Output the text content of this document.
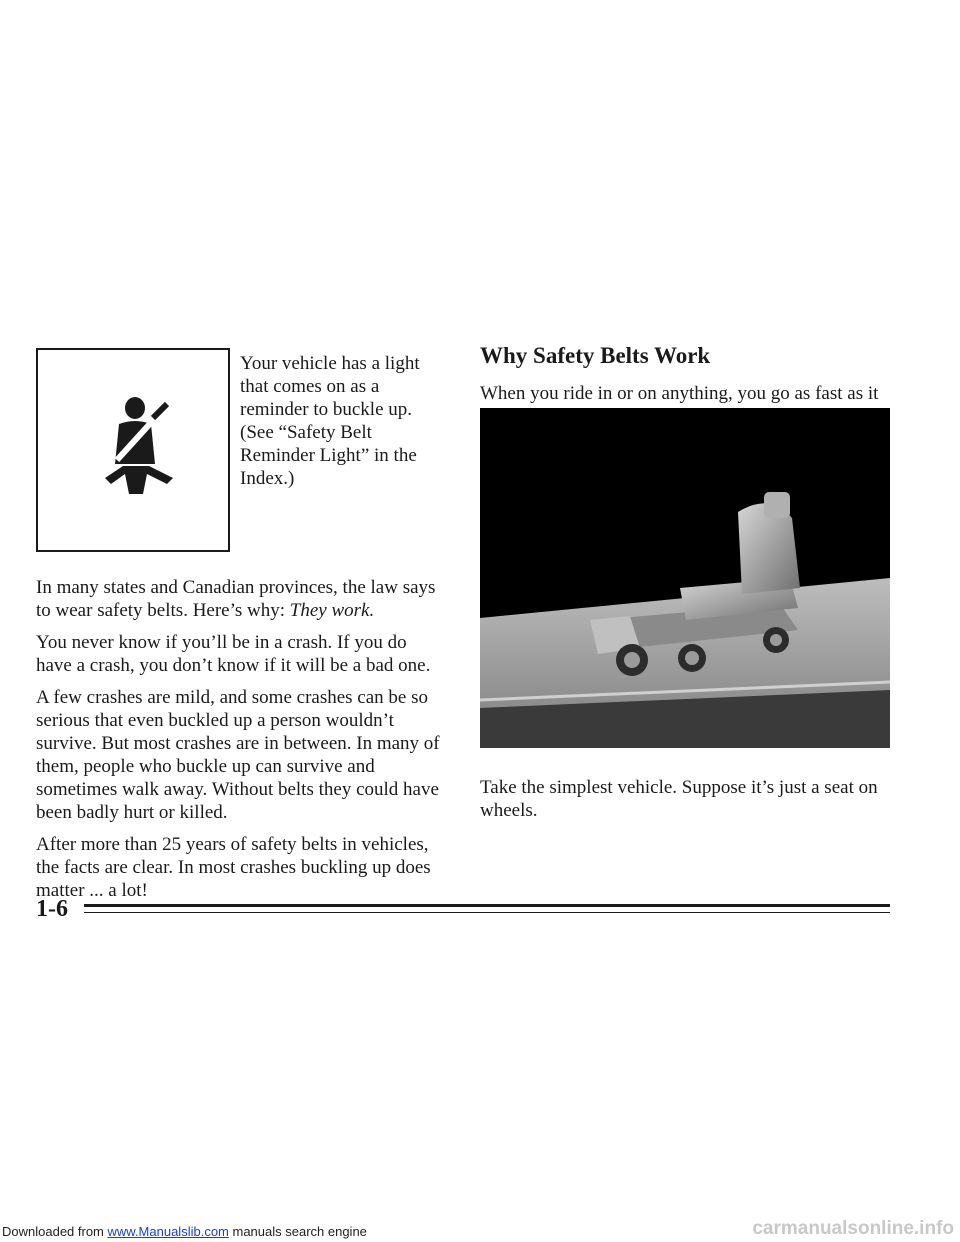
Your vehicle has a light that comes on as a reminder to buckle up. (See “Safety Belt Reminder Light” in the Index.)

In many states and Canadian provinces, the law says to wear safety belts. Here’s why: They work.

You never know if you’ll be in a crash. If you do have a crash, you don’t know if it will be a bad one.

A few crashes are mild, and some crashes can be so serious that even buckled up a person wouldn’t survive. But most crashes are in between. In many of them, people who buckle up can survive and sometimes walk away. Without belts they could have been badly hurt or killed.

After more than 25 years of safety belts in vehicles, the facts are clear. In most crashes buckling up does matter ... a lot!

Why Safety Belts Work

When you ride in or on anything, you go as fast as it

Take the simplest vehicle. Suppose it’s just a seat on wheels.
1-6
Downloaded from www.Manualslib.com manuals search engine	carmanualsonline.info
